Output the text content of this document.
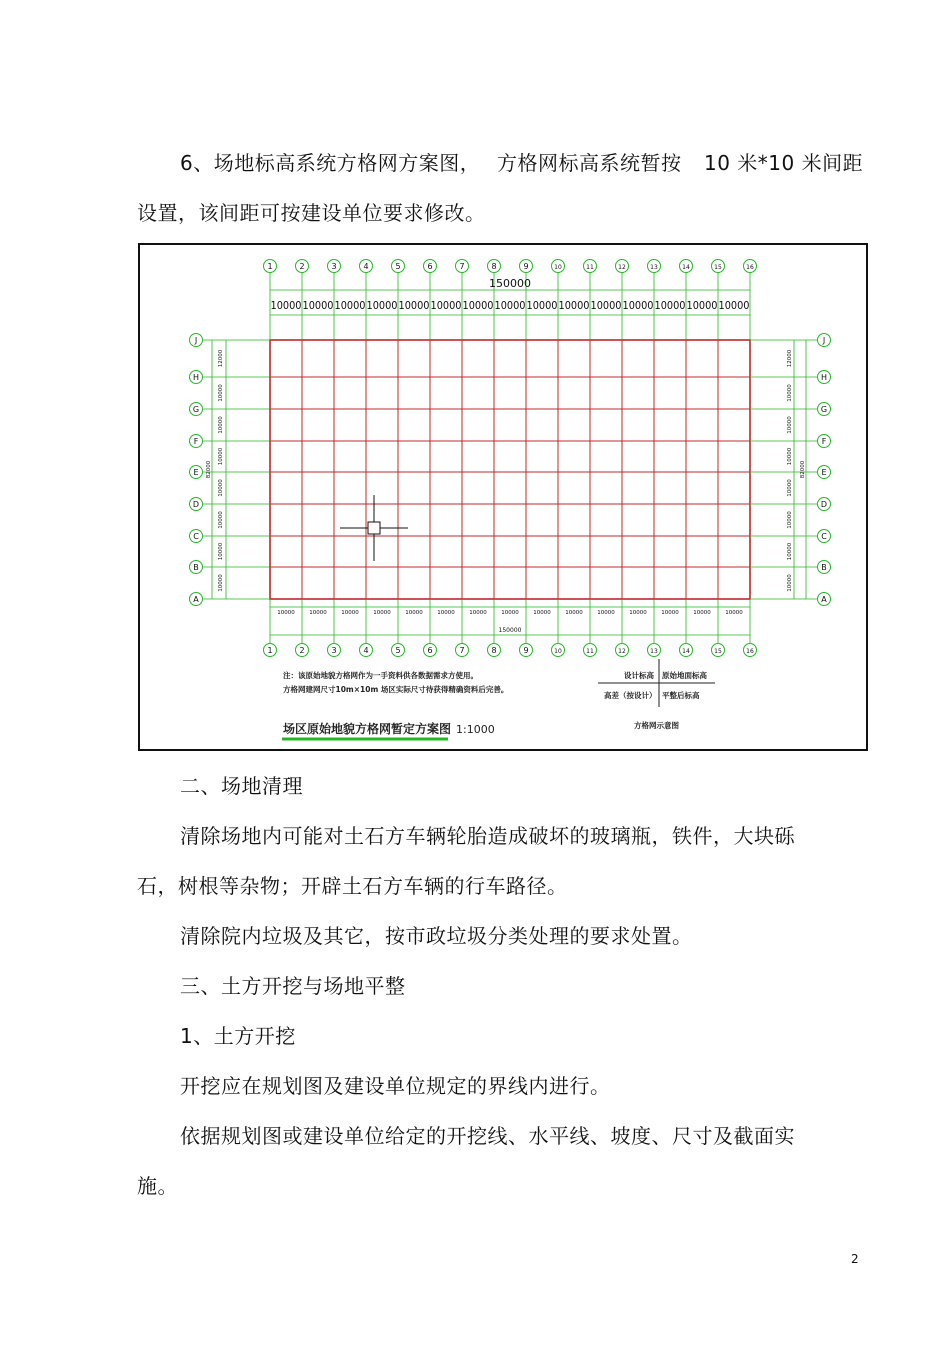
6、场地标高系统方格网方案图， 方格网标高系统暂按 10 米*10 米间距
设置，该间距可按建设单位要求修改。
1
1
2
2
3
3
4
4
5
5
6
6
7
7
8
8
9
9
10
10
11
11
12
12
13
13
14
14
15
15
16
16
J	J
H	H
G	G
F	F
E	E
D	D
C	C
B	B
A	A
150000
150000
10000
10000
10000
10000
10000
10000
10000
10000
10000
10000
10000
10000
10000
10000
10000
10000
10000
10000
10000
10000
10000
10000
10000
10000
10000
10000
10000
10000
10000
10000
12000	12000
10000	10000
10000	10000
10000	10000
10000	10000
10000	10000
10000	10000
10000	10000
82000	82000
注：该原始地貌方格网作为一手资料供各数据需求方使用。
方格网建网尺寸10m×10m 场区实际尺寸待获得精确资料后完善。
场区原始地貌方格网暂定方案图 1:1000
设计标高 原始地面标高
高差（按设计） 平整后标高
方格网示意图
二、场地清理
清除场地内可能对土石方车辆轮胎造成破坏的玻璃瓶，铁件，大块砾
石，树根等杂物；开辟土石方车辆的行车路径。
清除院内垃圾及其它，按市政垃圾分类处理的要求处置。
三、土方开挖与场地平整
1、土方开挖
开挖应在规划图及建设单位规定的界线内进行。
依据规划图或建设单位给定的开挖线、水平线、坡度、尺寸及截面实
施。
2
